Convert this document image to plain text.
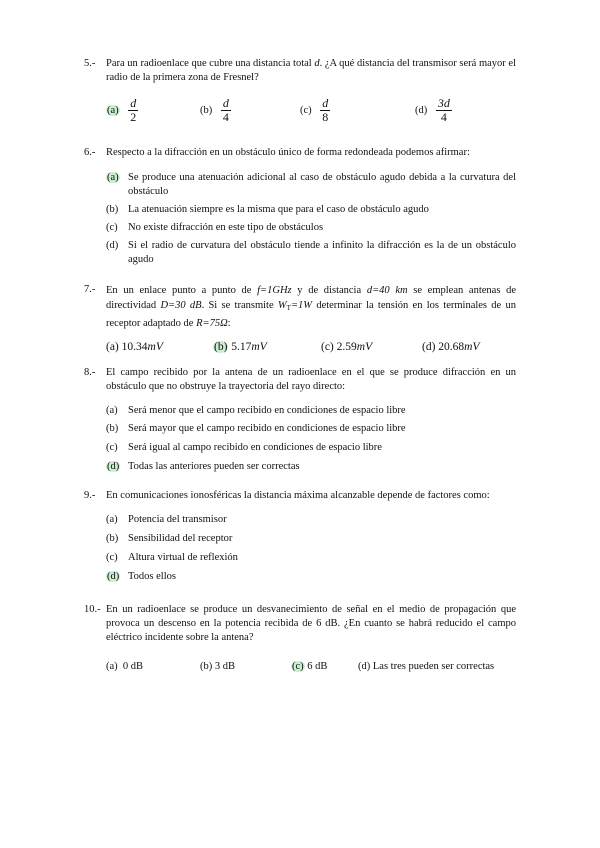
5.- Para un radioenlace que cubre una distancia total d. ¿A qué distancia del transmisor será mayor el radio de la primera zona de Fresnel?
$(a) \frac{d}{2}$	$(b) \frac{d}{4}$	$(c) \frac{d}{8}$	$(d) \frac{3d}{4}$
6.- Respecto a la difracción en un obstáculo único de forma redondeada podemos afirmar:
(a) Se produce una atenuación adicional al caso de obstáculo agudo debida a la curvatura del obstáculo
(b) La atenuación siempre es la misma que para el caso de obstáculo agudo
(c) No existe difracción en este tipo de obstáculos
(d) Si el radio de curvatura del obstáculo tiende a infinito la difracción es la de un obstáculo agudo
7.- En un enlace punto a punto de f=1GHz y de distancia d=40 km se emplean antenas de directividad D=30 dB. Si se transmite $W_T=1W$ determinar la tensión en los terminales de un receptor adaptado de R=75Ω:
(a) 10.34mV	(b) 5.17mV	(c) 2.59mV	(d) 20.68mV
8.- El campo recibido por la antena de un radioenlace en el que se produce difracción en un obstáculo que no obstruye la trayectoria del rayo directo:
(a) Será menor que el campo recibido en condiciones de espacio libre
(b) Será mayor que el campo recibido en condiciones de espacio libre
(c) Será igual al campo recibido en condiciones de espacio libre
(d) Todas las anteriores pueden ser correctas
9.- En comunicaciones ionosféricas la distancia máxima alcanzable depende de factores como:
(a) Potencia del transmisor
(b) Sensibilidad del receptor
(c) Altura virtual de reflexión
(d) Todos ellos
10.- En un radioenlace se produce un desvanecimiento de señal en el medio de propagación que provoca un descenso en la potencia recibida de 6 dB. ¿En cuanto se habrá reducido el campo eléctrico incidente sobre la antena?
(a) 0 dB	(b) 3 dB	(c) 6 dB	(d) Las tres pueden ser correctas
